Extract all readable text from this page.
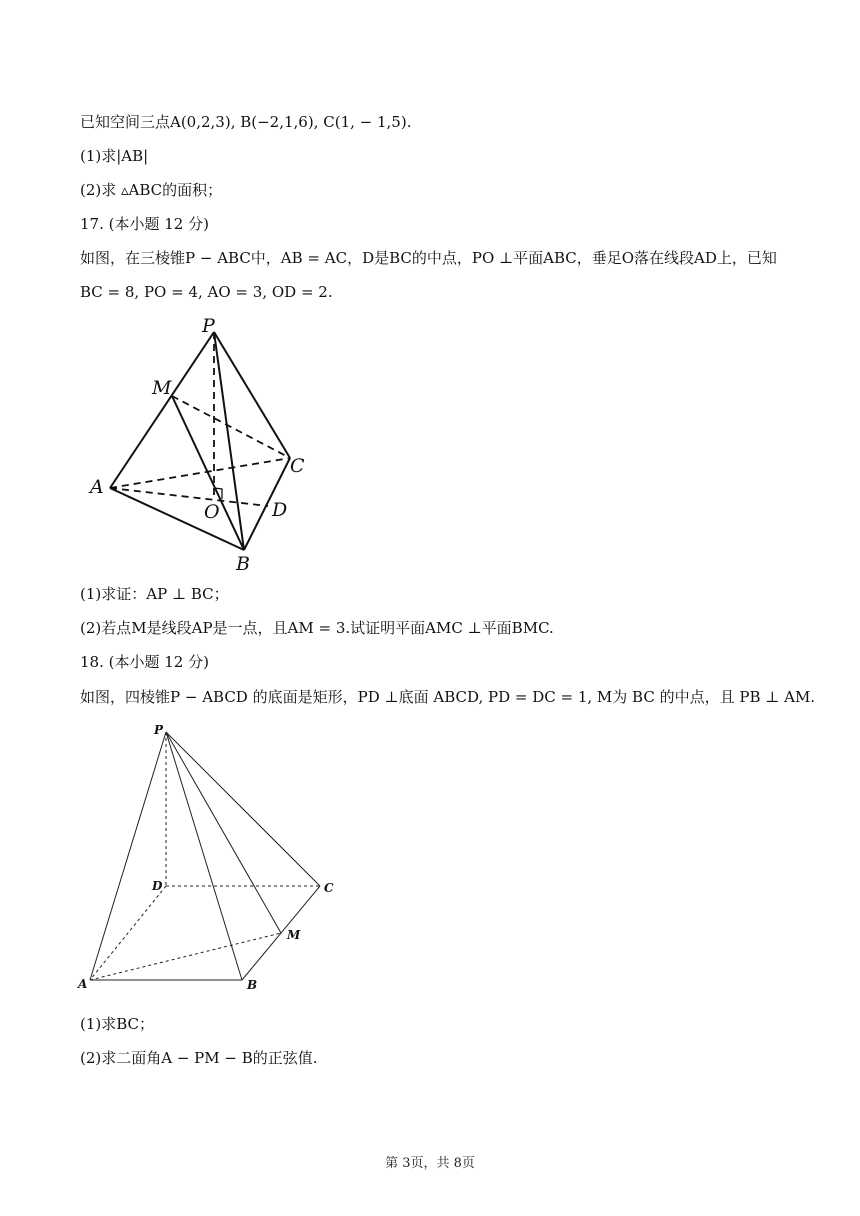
已知空间三点A(0,2,3), B(−2,1,6), C(1, − 1,5).
(1)求|AB|
(2)求 ▵ABC的面积；
17. (本小题 12 分)
如图，在三棱锥P − ABC中，AB = AC，D是BC的中点，PO ⊥平面ABC，垂足O落在线段AD上，已知BC = 8, PO = 4, AO = 3, OD = 2.
P
M
C
A
O	D
B
(1)求证：AP ⊥ BC；
(2)若点M是线段AP是一点，且AM = 3.试证明平面AMC ⊥平面BMC.
18. (本小题 12 分)
如图，四棱锥P − ABCD 的底面是矩形，PD ⊥底面 ABCD, PD = DC = 1, M为 BC 的中点，且 PB ⊥ AM.
P
D	C
M
A	B
(1)求BC；
(2)求二面角A − PM − B的正弦值.
第 3页，共 8页
